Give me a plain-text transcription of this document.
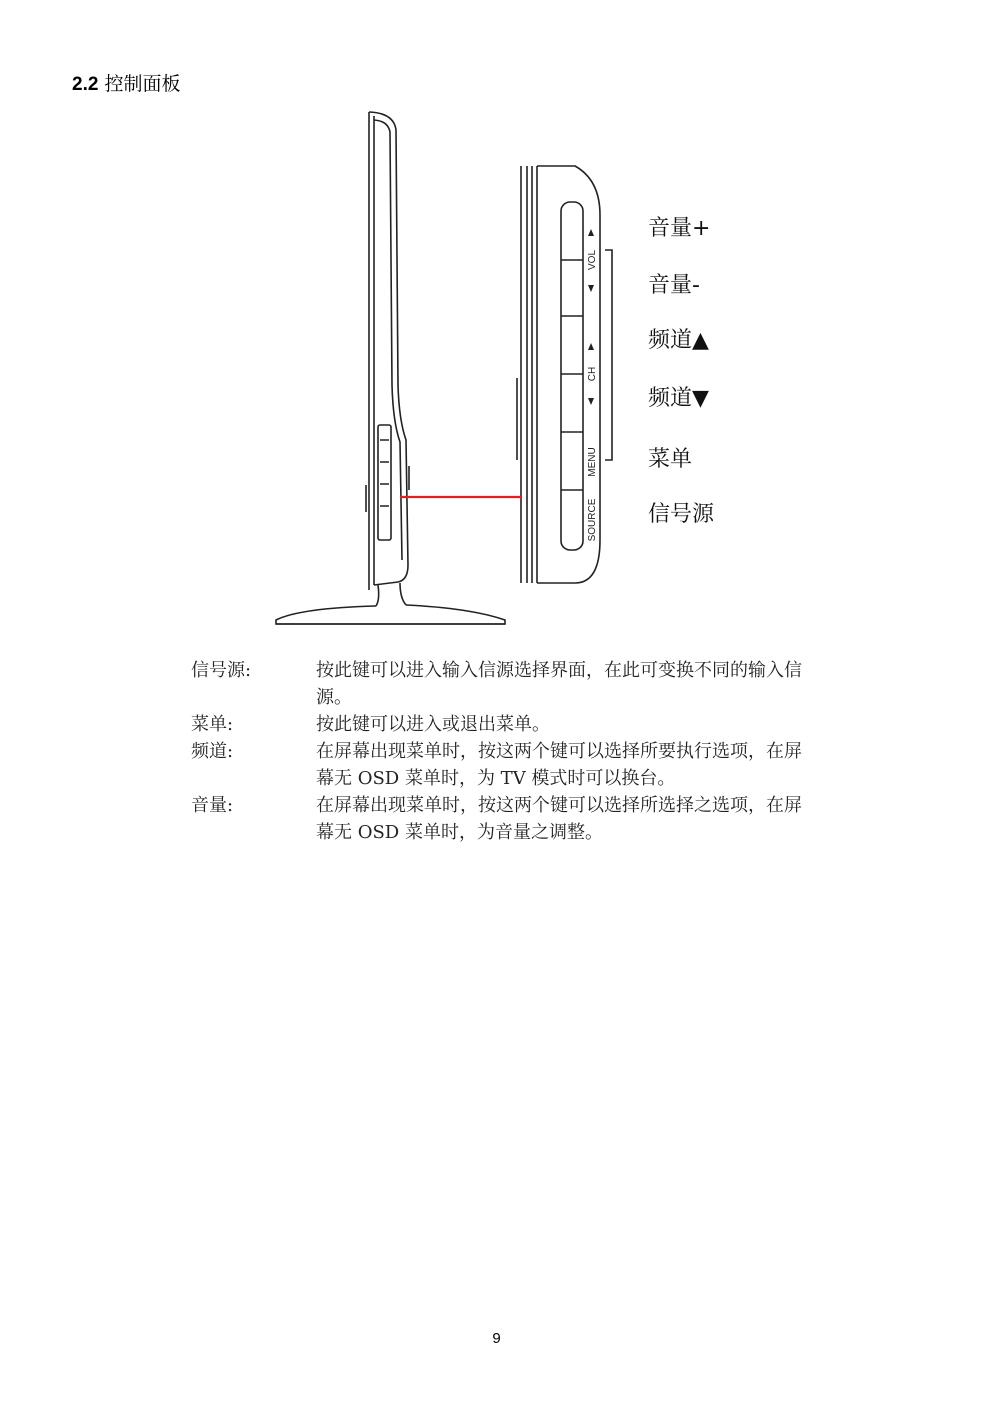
2.2 控制面板
VOL
CH
MENU
SOURCE
音量+
音量-
频道▲
频道▼
菜单
信号源
信号源:	按此键可以进入输入信源选择界面，在此可变换不同的输入信源。
菜单:	按此键可以进入或退出菜单。
频道:	在屏幕出现菜单时，按这两个键可以选择所要执行选项，在屏幕无 OSD 菜单时，为 TV 模式时可以换台。
音量:	在屏幕出现菜单时，按这两个键可以选择所选择之选项，在屏幕无 OSD 菜单时，为音量之调整。
9
